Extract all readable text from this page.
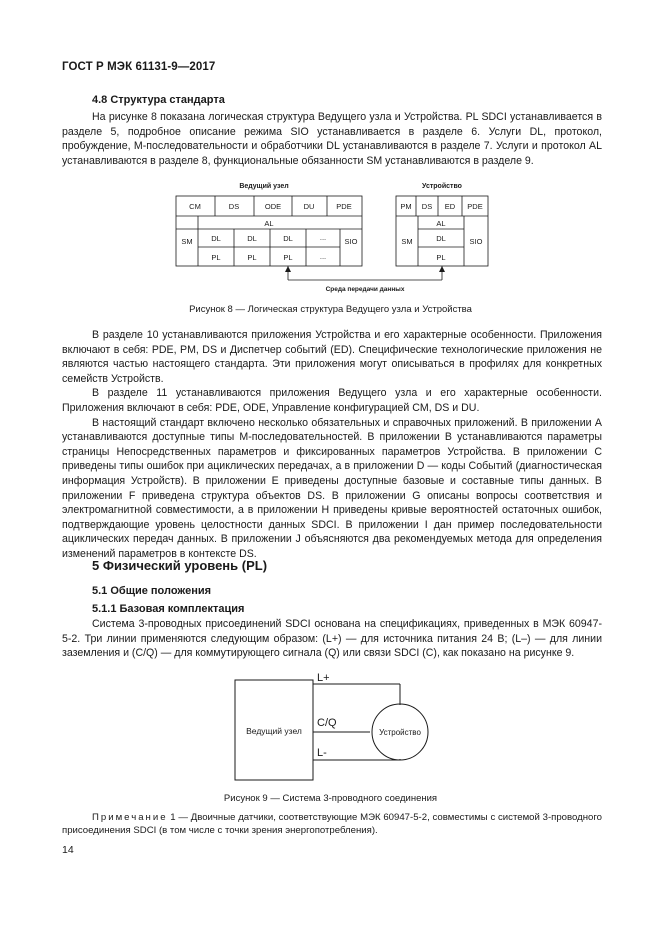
ГОСТ Р МЭК 61131-9—2017
4.8 Структура стандарта

На рисунке 8 показана логическая структура Ведущего узла и Устройства. PL SDCI устанавливается в разделе 5, подробное описание режима SIO устанавливается в разделе 6. Услуги DL, протокол, пробуждение, М-последовательности и обработчики DL устанавливаются в разделе 7. Услуги и протокол AL устанавливаются в разделе 8, функциональные обязанности SM устанавливаются в разделе 9.

Ведущий узел	Устройство
CM	DS	ODE	DU	PDE
AL
SM	SIO
DL	DL	DL	...
PL	PL	PL	...
PM DS ED PDE
AL
SM	DL	SIO
PL
Среда передачи данных
Рисунок 8 — Логическая структура Ведущего узла и Устройства

В разделе 10 устанавливаются приложения Устройства и его характерные особенности. Приложения включают в себя: PDE, PM, DS и Диспетчер событий (ED). Специфические технологические приложения не являются частью настоящего стандарта. Эти приложения могут описываться в профилях для конкретных семейств Устройств.

В разделе 11 устанавливаются приложения Ведущего узла и его характерные особенности. Приложения включают в себя: PDE, ODE, Управление конфигурацией CM, DS и DU.

В настоящий стандарт включено несколько обязательных и справочных приложений. В приложении А устанавливаются доступные типы М-последовательностей. В приложении В устанавливаются параметры страницы Непосредственных параметров и фиксированных параметров Устройства. В приложении С приведены типы ошибок при ациклических передачах, а в приложении D — коды Событий (диагностическая информация Устройств). В приложении Е приведены доступные базовые и составные типы данных. В приложении F приведена структура объектов DS. В приложении G описаны вопросы соответствия и электромагнитной совместимости, а в приложении Н приведены кривые вероятностей остаточных ошибок, подтверждающие уровень целостности данных SDCI. В приложении I дан пример последовательности ациклических передач данных. В приложении J объясняются два рекомендуемых метода для определения изменений параметров в контексте DS.

5 Физический уровень (PL)
5.1 Общие положения
5.1.1 Базовая комплектация

Система 3-проводных присоединений SDCI основана на спецификациях, приведенных в МЭК 60947-5-2. Три линии применяются следующим образом: (L+) — для источника питания 24 В; (L–) — для линии заземления и (C/Q) — для коммутирующего сигнала (Q) или связи SDCI (C), как показано на рисунке 9.

Ведущий узел	Устройство
L+
C/Q
L-
Рисунок 9 — Система 3-проводного соединения
Примечание 1 — Двоичные датчики, соответствующие МЭК 60947-5-2, совместимы с системой 3-проводного присоединения SDCI (в том числе с точки зрения энергопотребления).
14
